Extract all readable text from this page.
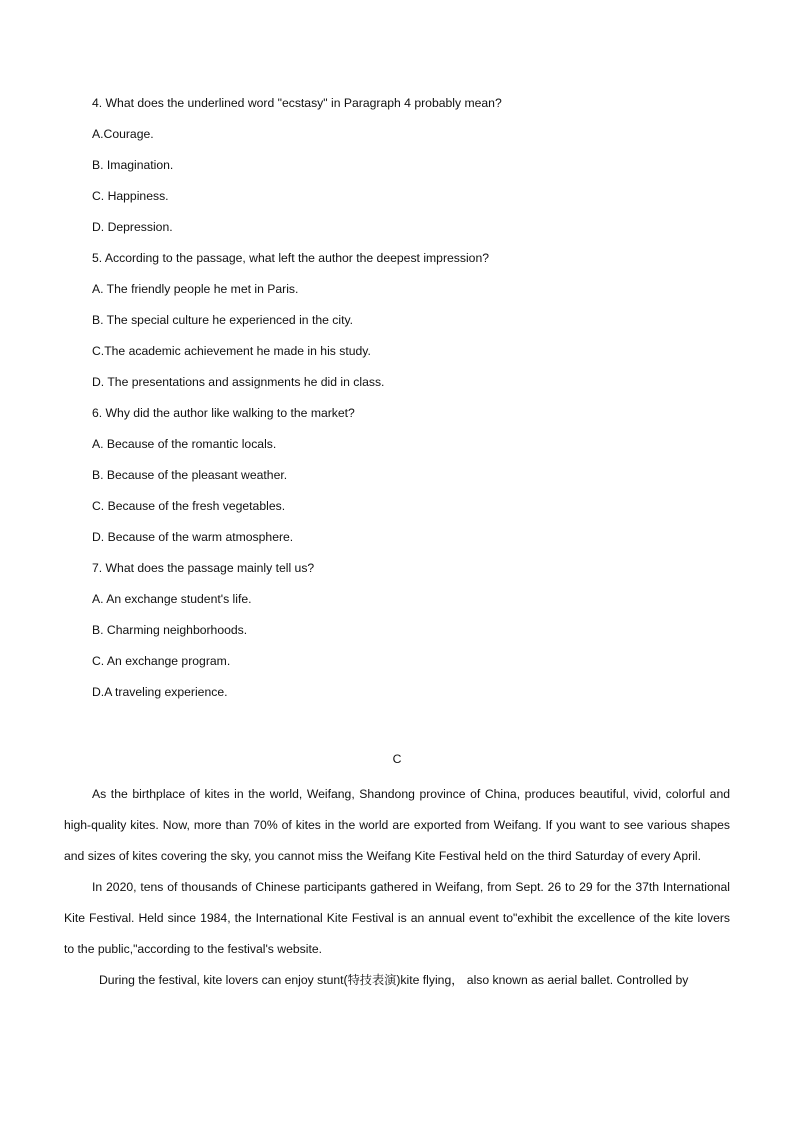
4. What does the underlined word "ecstasy" in Paragraph 4 probably mean?
A.Courage.
B. Imagination.
C. Happiness.
D. Depression.
5. According to the passage, what left the author the deepest impression?
A. The friendly people he met in Paris.
B. The special culture he experienced in the city.
C.The academic achievement he made in his study.
D. The presentations and assignments he did in class.
6. Why did the author like walking to the market?
A. Because of the romantic locals.
B. Because of the pleasant weather.
C. Because of the fresh vegetables.
D. Because of the warm atmosphere.
7. What does the passage mainly tell us?
A. An exchange student's life.
B. Charming neighborhoods.
C. An exchange program.
D.A traveling experience.
C

As the birthplace of kites in the world, Weifang, Shandong province of China, produces beautiful, vivid, colorful and high-quality kites. Now, more than 70% of kites in the world are exported from Weifang. If you want to see various shapes and sizes of kites covering the sky, you cannot miss the Weifang Kite Festival held on the third Saturday of every April.

In 2020, tens of thousands of Chinese participants gathered in Weifang, from Sept. 26 to 29 for the 37th International Kite Festival. Held since 1984, the International Kite Festival is an annual event to"exhibit the excellence of the kite lovers to the public,"according to the festival's website.

During the festival, kite lovers can enjoy stunt(特技表演)kite flying， also known as aerial ballet. Controlled by
